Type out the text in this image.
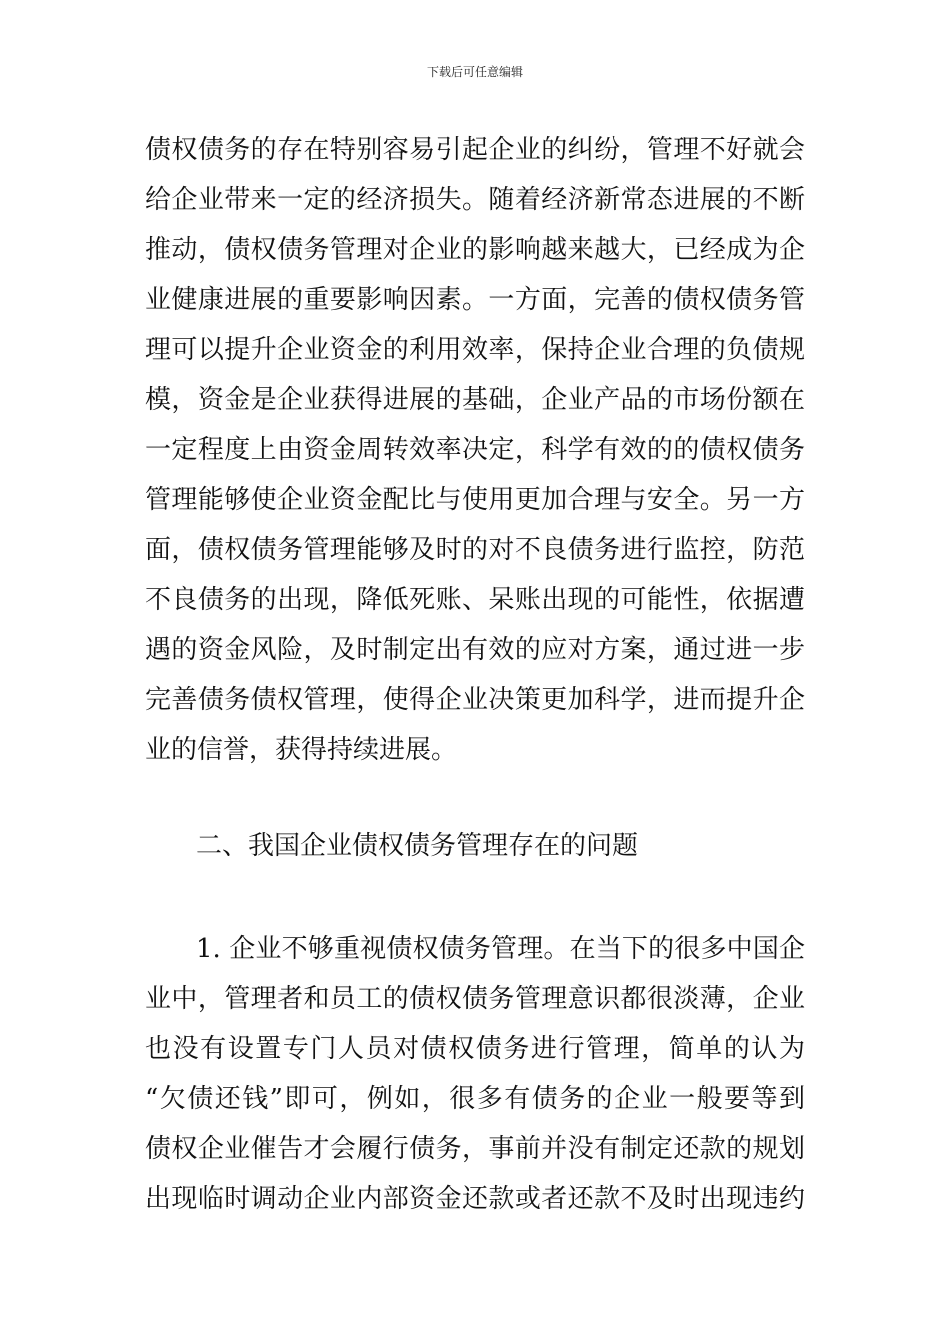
下载后可任意编辑
债权债务的存在特别容易引起企业的纠纷，管理不好就会
给企业带来一定的经济损失。随着经济新常态进展的不断
推动，债权债务管理对企业的影响越来越大，已经成为企
业健康进展的重要影响因素。一方面，完善的债权债务管
理可以提升企业资金的利用效率，保持企业合理的负债规
模，资金是企业获得进展的基础，企业产品的市场份额在
一定程度上由资金周转效率决定，科学有效的的债权债务
管理能够使企业资金配比与使用更加合理与安全。另一方
面，债权债务管理能够及时的对不良债务进行监控，防范
不良债务的出现，降低死账、呆账出现的可能性，依据遭
遇的资金风险，及时制定出有效的应对方案，通过进一步
完善债务债权管理，使得企业决策更加科学，进而提升企
业的信誉，获得持续进展。
二、我国企业债权债务管理存在的问题
1. 企业不够重视债权债务管理。在当下的很多中国企
业中，管理者和员工的债权债务管理意识都很淡薄，企业
也没有设置专门人员对债权债务进行管理，简单的认为
“欠债还钱”即可，例如，很多有债务的企业一般要等到
债权企业催告才会履行债务，事前并没有制定还款的规划
出现临时调动企业内部资金还款或者还款不及时出现违约
